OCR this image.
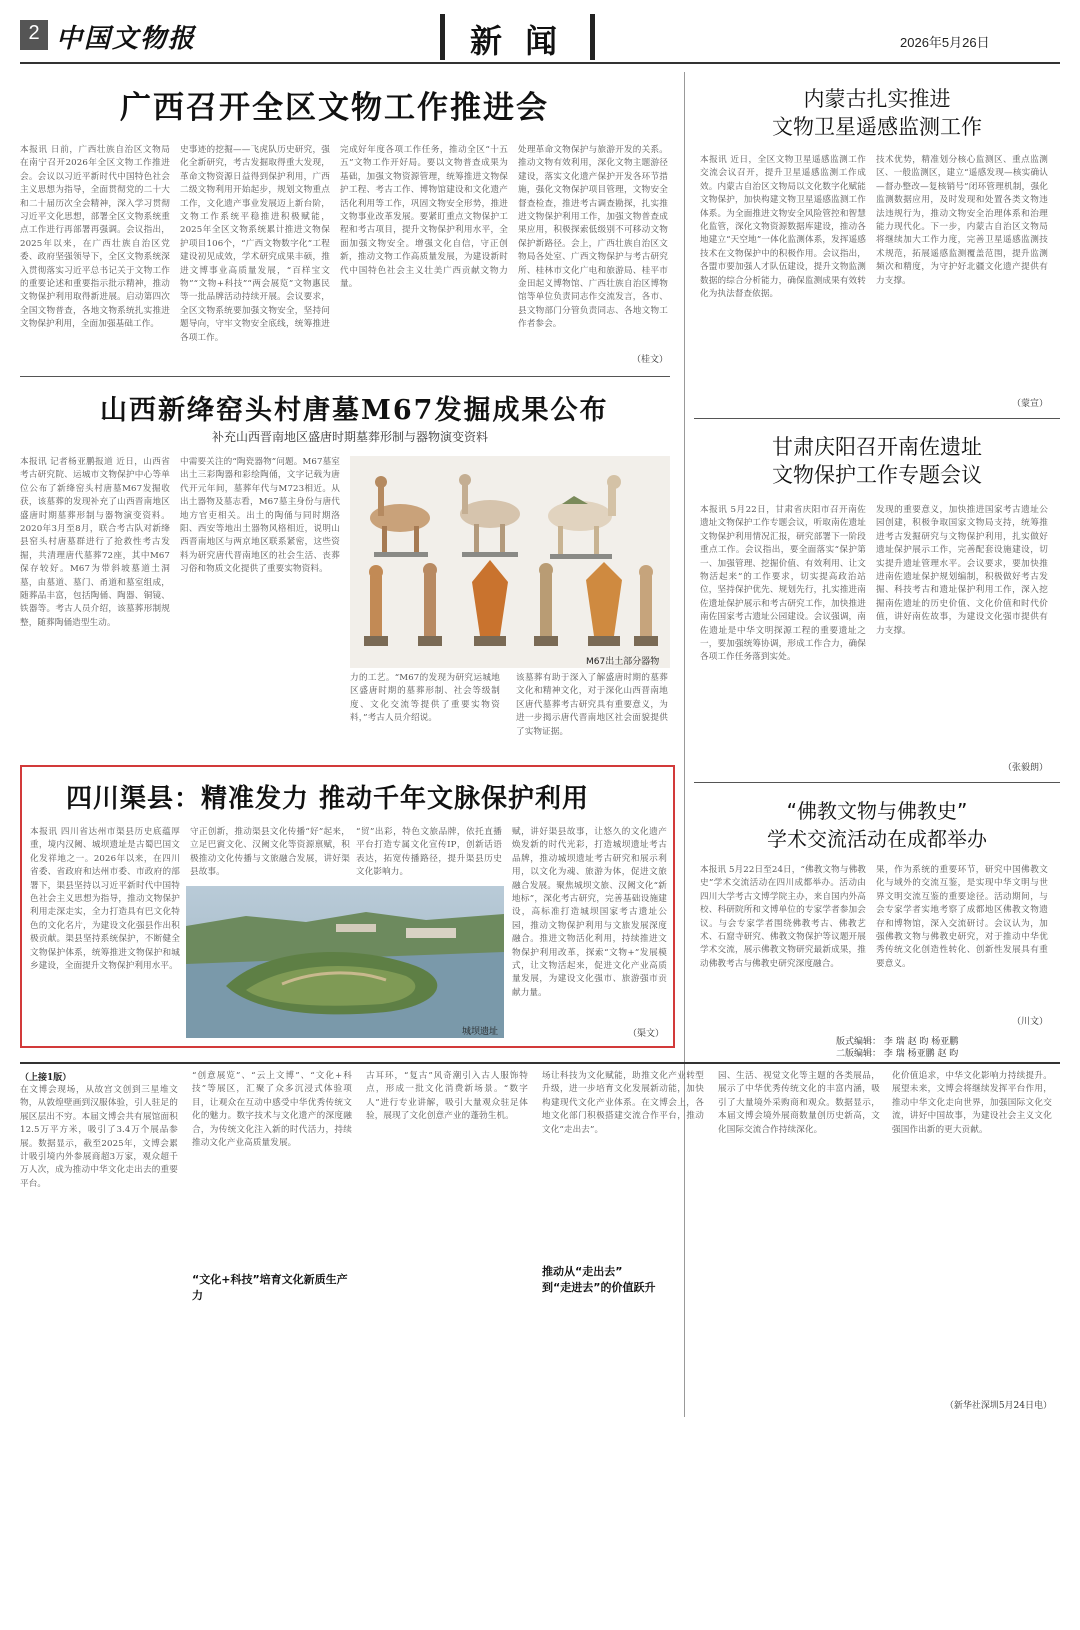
2 中国文物报	新 闻	2026年5月26日
广西召开全区文物工作推进会
本报讯 日前，广西壮族自治区文物局在南宁召开2026年全区文物工作推进会。会议以习近平新时代中国特色社会主义思想为指导，全面贯彻党的二十大和二十届历次全会精神，深入学习贯彻习近平文化思想，部署全区文物系统重点工作进行再部署再强调。会议指出，2025年以来，在广西壮族自治区党委、政府坚强领导下，全区文物系统深入贯彻落实习近平总书记关于文物工作的重要论述和重要指示批示精神，推动文物保护利用取得新进展。启动第四次全国文物普查，各地文物系统扎实推进文物保护利用，全面加强基础工作。
史事迹的挖掘——飞虎队历史研究，强化全新研究，考古发掘取得重大发现，革命文物资源日益得到保护利用，广西二级文物利用开始起步，规划文物重点工作，文化遗产事业发展迈上新台阶，文物工作系统平稳推进积极赋能，2025年全区文物系统累计推进文物保护项目106个，“广西文物数字化”工程建设初见成效，学术研究成果丰硕，推进文博事业高质量发展，“百样宝文物”“文物+科技”“两会展览”文物惠民等一批品牌活动持续开展。会议要求，全区文物系统要加强文物安全，坚持问题导向，守牢文物安全底线，统筹推进各项工作。
完成好年度各项工作任务，推动全区“十五五”文物工作开好局。要以文物普查成果为基础，加强文物资源管理，统筹推进文物保护工程、考古工作、博物馆建设和文化遗产活化利用等工作，巩固文物安全形势，推进文物事业改革发展。要紧盯重点文物保护工程和考古项目，提升文物保护利用水平，全面加强文物安全。增强文化自信，守正创新，推动文物工作高质量发展，为建设新时代中国特色社会主义壮美广西贡献文物力量。
处理革命文物保护与旅游开发的关系。推动文物有效利用，深化文物主题游径建设，落实文化遗产保护开发各环节措施，强化文物保护项目管理，文物安全督查检查，推进考古调查勘探，扎实推进文物保护利用工作，加强文物普查成果应用，积极探索低级别不可移动文物保护新路径。会上，广西壮族自治区文物局各处室、广西文物保护与考古研究所、桂林市文化广电和旅游局、桂平市金田起义博物馆、广西壮族自治区博物馆等单位负责同志作交流发言，各市、县文物部门分管负责同志、各地文物工作者参会。
（桂文）
内蒙古扎实推进
文物卫星遥感监测工作
本报讯 近日，全区文物卫星遥感监测工作交流会议召开，提升卫星遥感监测工作成效。内蒙古自治区文物局以文化数字化赋能文物保护，加快构建文物卫星遥感监测工作体系。为全面推进文物安全风险管控和智慧化监管，深化文物资源数据库建设，推动各地建立“天空地”一体化监测体系，发挥遥感技术在文物保护中的积极作用。会议指出，各盟市要加强人才队伍建设，提升文物监测数据的综合分析能力，确保监测成果有效转化为执法督查依据。
技术优势，精准划分核心监测区、重点监测区、一般监测区，建立“遥感发现—核实确认—督办整改—复核销号”闭环管理机制，强化监测数据应用，及时发现和处置各类文物违法违规行为，推动文物安全治理体系和治理能力现代化。下一步，内蒙古自治区文物局将继续加大工作力度，完善卫星遥感监测技术规范，拓展遥感监测覆盖范围，提升监测频次和精度，为守护好北疆文化遗产提供有力支撑。
（蒙宣）
山西新绛窑头村唐墓M67发掘成果公布
补充山西晋南地区盛唐时期墓葬形制与器物演变资料
本报讯 记者杨亚鹏报道 近日，山西省考古研究院、运城市文物保护中心等单位公布了新绛窑头村唐墓M67发掘收获，该墓葬的发现补充了山西晋南地区盛唐时期墓葬形制与器物演变资料。2020年3月至8月，联合考古队对新绛县窑头村唐墓群进行了抢救性考古发掘，共清理唐代墓葬72座，其中M67保存较好。M67为带斜坡墓道土洞墓，由墓道、墓门、甬道和墓室组成，随葬品丰富，包括陶俑、陶器、铜镜、铁器等。考古人员介绍，该墓葬形制规整，随葬陶俑造型生动。
中需要关注的“陶瓷器物”问题。M67墓室出土三彩陶器和彩绘陶俑，文字记载为唐代开元年间，墓葬年代与M723相近。从出土器物及墓志看，M67墓主身份与唐代地方官吏相关。出土的陶俑与同时期洛阳、西安等地出土器物风格相近，说明山西晋南地区与两京地区联系紧密，这些资料为研究唐代晋南地区的社会生活、丧葬习俗和物质文化提供了重要实物资料。
力的工艺。“M67的发现为研究运城地区盛唐时期的墓葬形制、社会等级制度、文化交流等提供了重要实物资料，”考古人员介绍说。
该墓葬有助于深入了解盛唐时期的墓葬文化和精神文化，对于深化山西晋南地区唐代墓葬考古研究具有重要意义，为进一步揭示唐代晋南地区社会面貌提供了实物证据。
M67出土部分器物
甘肃庆阳召开南佐遗址
文物保护工作专题会议
本报讯 5月22日，甘肃省庆阳市召开南佐遗址文物保护工作专题会议，听取南佐遗址文物保护利用情况汇报，研究部署下一阶段重点工作。会议指出，要全面落实“保护第一、加强管理、挖掘价值、有效利用、让文物活起来”的工作要求，切实提高政治站位，坚持保护优先、规划先行，扎实推进南佐遗址保护展示和考古研究工作，加快推进南佐国家考古遗址公园建设。会议强调，南佐遗址是中华文明探源工程的重要遗址之一，要加强统筹协调，形成工作合力，确保各项工作任务落到实处。
发现的重要意义，加快推进国家考古遗址公园创建，积极争取国家文物局支持，统筹推进考古发掘研究与文物保护利用，扎实做好遗址保护展示工作，完善配套设施建设，切实提升遗址管理水平。会议要求，要加快推进南佐遗址保护规划编制，积极做好考古发掘、科技考古和遗址保护利用工作，深入挖掘南佐遗址的历史价值、文化价值和时代价值，讲好南佐故事，为建设文化强市提供有力支撑。
（张毅朗）
四川渠县：精准发力 推动千年文脉保护利用
本报讯 四川省达州市渠县历史底蕴厚重，境内汉阙、城坝遗址是古蜀巴国文化发祥地之一。2026年以来，在四川省委、省政府和达州市委、市政府的部署下，渠县坚持以习近平新时代中国特色社会主义思想为指导，推动文物保护利用走深走实，全力打造具有巴文化特色的文化名片，为建设文化强县作出积极贡献。渠县坚持系统保护，不断健全文物保护体系，统筹推进文物保护和城乡建设，全面提升文物保护利用水平。
守正创新，推动渠县文化传播“好”起来，立足巴賨文化、汉阙文化等资源禀赋，积极推动文化传播与文旅融合发展，讲好渠县故事。
“贸”出彩，特色文旅品牌，依托直播平台打造专属文化宣传IP，创新话语表达，拓宽传播路径，提升渠县历史文化影响力。
赋，讲好渠县故事，让悠久的文化遗产焕发新的时代光彩，打造城坝遗址考古品牌，推动城坝遗址考古研究和展示利用，以文化为魂、旅游为体，促进文旅融合发展。聚焦城坝文旅、汉阙文化“新地标”，深化考古研究，完善基础设施建设，高标准打造城坝国家考古遗址公园，推动文物保护利用与文旅发展深度融合。推进文物活化利用，持续推进文物保护利用改革，探索“文物+”发展模式，让文物活起来，促进文化产业高质量发展，为建设文化强市、旅游强市贡献力量。
（渠文）
城坝遗址
“佛教文物与佛教史”
学术交流活动在成都举办
本报讯 5月22日至24日，“佛教文物与佛教史”学术交流活动在四川成都举办。活动由四川大学考古文博学院主办，来自国内外高校、科研院所和文博单位的专家学者参加会议。与会专家学者围绕佛教考古、佛教艺术、石窟寺研究、佛教文物保护等议题开展学术交流，展示佛教文物研究最新成果，推动佛教考古与佛教史研究深度融合。
果，作为系统的重要环节，研究中国佛教文化与域外的交流互鉴，是实现中华文明与世界文明交流互鉴的重要途径。活动期间，与会专家学者实地考察了成都地区佛教文物遗存和博物馆，深入交流研讨。会议认为，加强佛教文物与佛教史研究，对于推动中华优秀传统文化创造性转化、创新性发展具有重要意义。
（川文）
版式编辑： 李 瑞 赵 昀 杨亚鹏
二版编辑： 李 瑞 杨亚鹏 赵 昀
（上接1版）
在文博会现场，从故宫文创到三星堆文物，从敦煌壁画到汉服体验，引人驻足的展区层出不穷。本届文博会共有展馆面积12.5万平方米，吸引了3.4万个展品参展。数据显示，截至2025年，文博会累计吸引境内外参展商超3万家，观众超千万人次，成为推动中华文化走出去的重要平台。
“创意展览”、“云上文博”、“文化+科技”等展区，汇聚了众多沉浸式体验项目，让观众在互动中感受中华优秀传统文化的魅力。数字技术与文化遗产的深度融合，为传统文化注入新的时代活力，持续推动文化产业高质量发展。
“文化+科技”培育文化新质生产力
古耳环，“复古”风奇潮引入古人服饰特点，形成一批文化消费新场景。“数字人”进行专业讲解，吸引大量观众驻足体验，展现了文化创意产业的蓬勃生机。
场让科技为文化赋能，助推文化产业转型升级，进一步培育文化发展新动能，加快构建现代文化产业体系。在文博会上，各地文化部门积极搭建交流合作平台，推动文化“走出去”。
推动从“走出去”
到“走进去”的价值跃升
园、生活、视觉文化等主题的各类展品，展示了中华优秀传统文化的丰富内涵，吸引了大量境外采购商和观众。数据显示，本届文博会境外展商数量创历史新高，文化国际交流合作持续深化。
化价值追求，中华文化影响力持续提升。展望未来，文博会将继续发挥平台作用，推动中华文化走向世界，加强国际文化交流，讲好中国故事，为建设社会主义文化强国作出新的更大贡献。
（新华社深圳5月24日电）
